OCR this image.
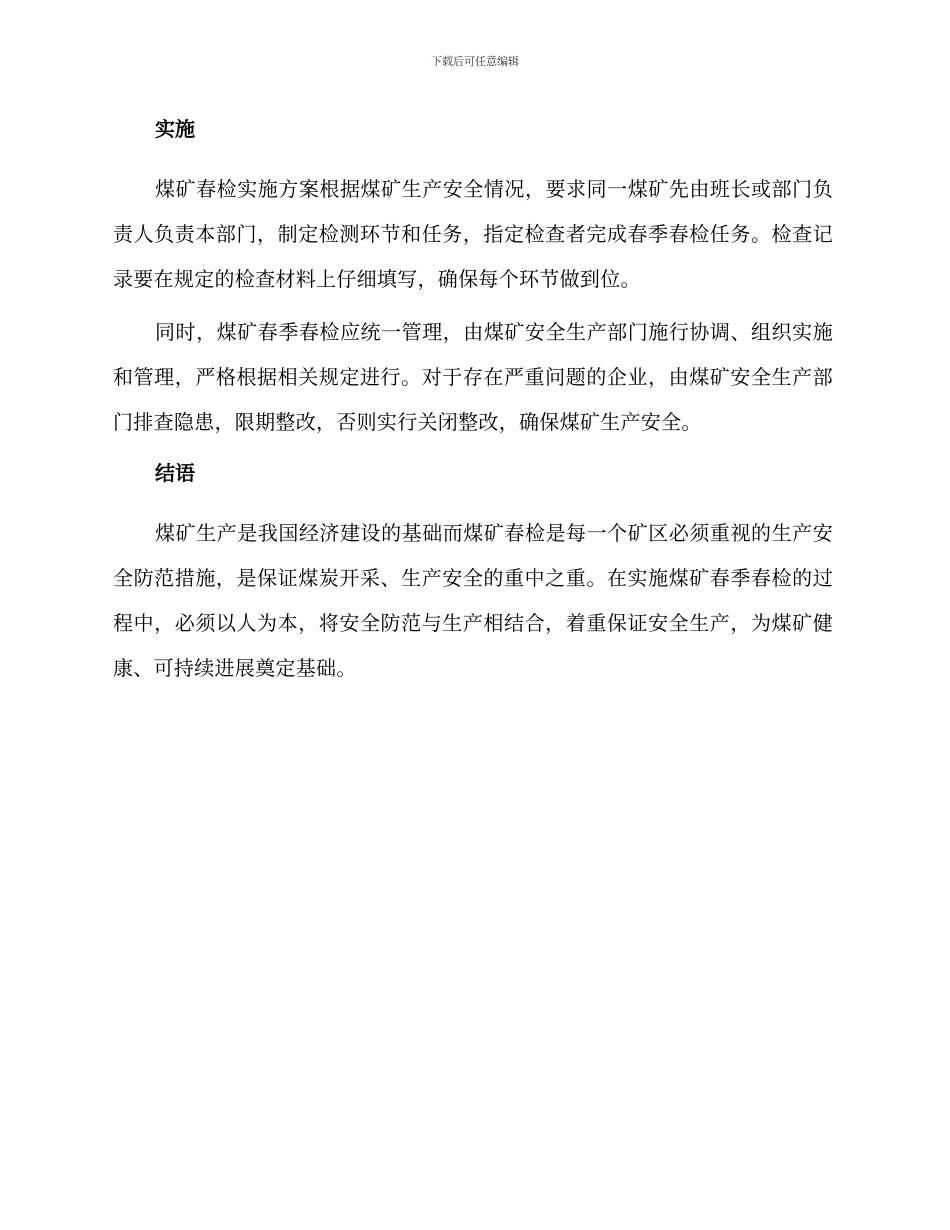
下载后可任意编辑
实施

煤矿春检实施方案根据煤矿生产安全情况，要求同一煤矿先由班长或部门负责人负责本部门，制定检测环节和任务，指定检查者完成春季春检任务。检查记录要在规定的检查材料上仔细填写，确保每个环节做到位。

同时，煤矿春季春检应统一管理，由煤矿安全生产部门施行协调、组织实施和管理，严格根据相关规定进行。对于存在严重问题的企业，由煤矿安全生产部门排查隐患，限期整改，否则实行关闭整改，确保煤矿生产安全。

结语

煤矿生产是我国经济建设的基础而煤矿春检是每一个矿区必须重视的生产安全防范措施，是保证煤炭开采、生产安全的重中之重。在实施煤矿春季春检的过程中，必须以人为本，将安全防范与生产相结合，着重保证安全生产，为煤矿健康、可持续进展奠定基础。
